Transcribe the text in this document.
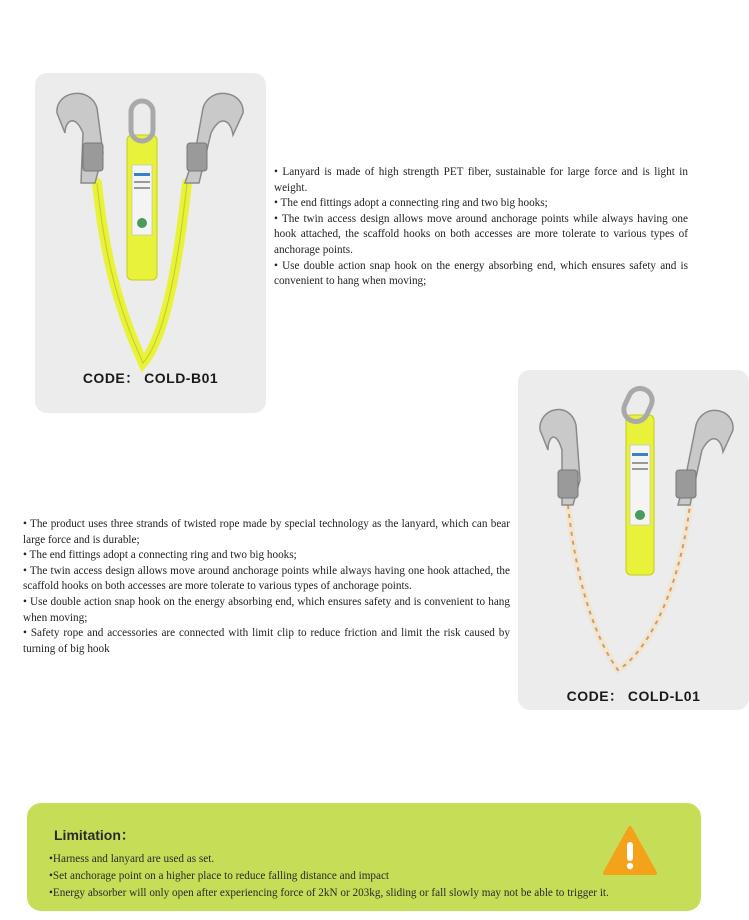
CODE： COLD-B01
• Lanyard is made of high strength PET fiber, sustainable for large force and is light in weight.
• The end fittings adopt a connecting ring and two big hooks;
• The twin access design allows move around anchorage points while always having one hook attached, the scaffold hooks on both accesses are more tolerate to various types of anchorage points.
• Use double action snap hook on the energy absorbing end, which ensures safety and is convenient to hang when moving;
CODE： COLD-L01
• The product uses three strands of twisted rope made by special technology as the lanyard, which can bear large force and is durable;
• The end fittings adopt a connecting ring and two big hooks;
• The twin access design allows move around anchorage points while always having one hook attached, the scaffold hooks on both accesses are more tolerate to various types of anchorage points.
• Use double action snap hook on the energy absorbing end, which ensures safety and is convenient to hang when moving;
• Safety rope and accessories are connected with limit clip to reduce friction and limit the risk caused by turning of big hook
Limitation：
•Harness and lanyard are used as set.
•Set anchorage point on a higher place to reduce falling distance and impact
•Energy absorber will only open after experiencing force of 2kN or 203kg, sliding or fall slowly may not be able to trigger it.
